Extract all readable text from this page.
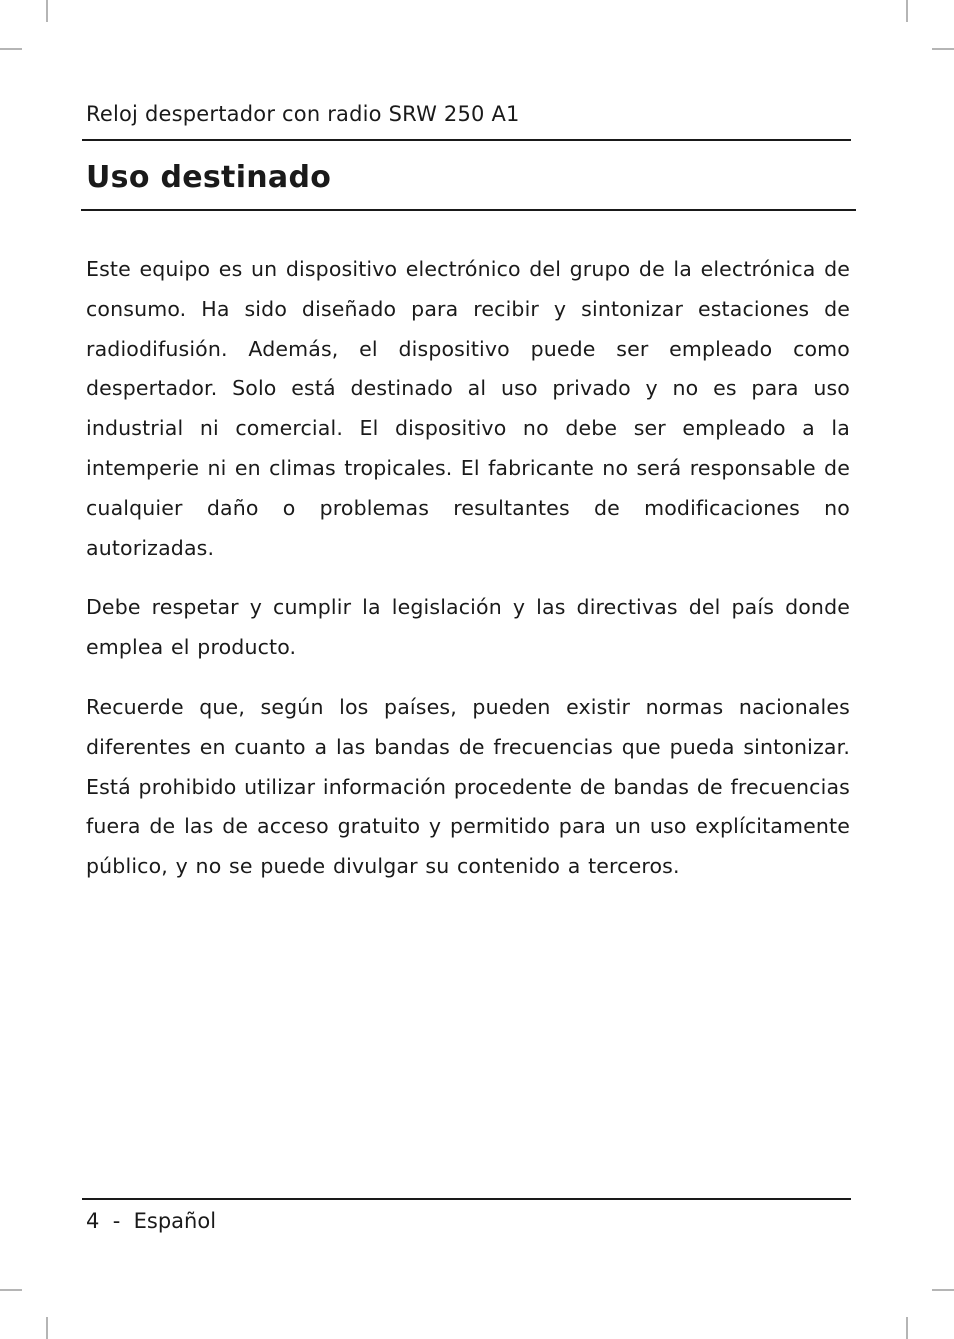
Reloj despertador con radio SRW 250 A1
Uso destinado

Este equipo es un dispositivo electrónico del grupo de la electrónica de consumo. Ha sido diseñado para recibir y sintonizar estaciones de radiodifusión. Además, el dispositivo puede ser empleado como despertador. Solo está destinado al uso privado y no es para uso industrial ni comercial. El dispositivo no debe ser empleado a la intemperie ni en climas tropicales. El fabricante no será responsable de cualquier daño o problemas resultantes de modificaciones no autorizadas.

Debe respetar y cumplir la legislación y las directivas del país donde emplea el producto.

Recuerde que, según los países, pueden existir normas nacionales diferentes en cuanto a las bandas de frecuencias que pueda sintonizar. Está prohibido utilizar información procedente de bandas de frecuencias fuera de las de acceso gratuito y permitido para un uso explícitamente público, y no se puede divulgar su contenido a terceros.

4  -  Español
